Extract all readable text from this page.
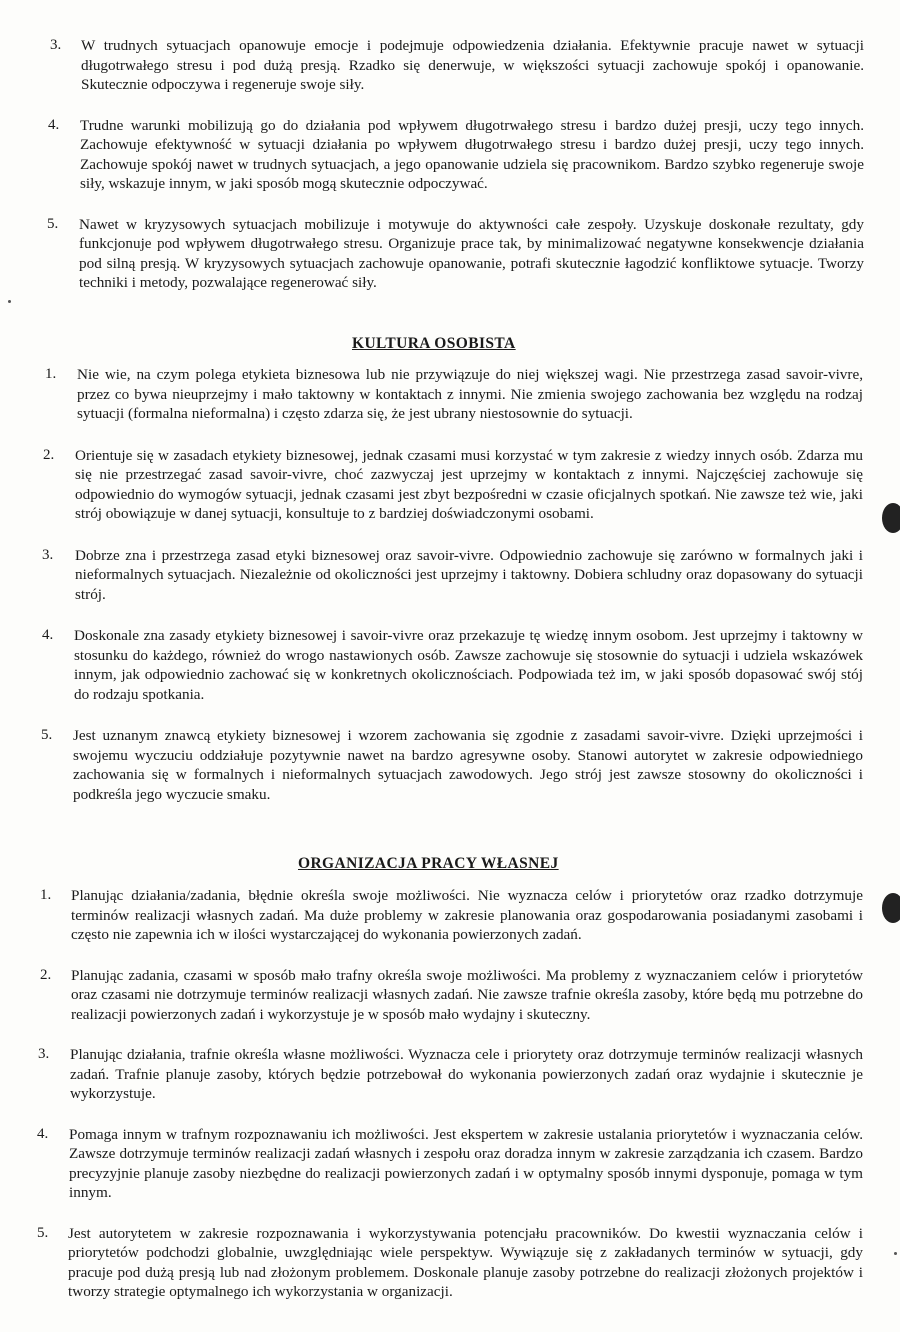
3. W trudnych sytuacjach opanowuje emocje i podejmuje odpowiedzenia działania. Efektywnie pracuje nawet w sytuacji długotrwałego stresu i pod dużą presją. Rzadko się denerwuje, w większości sytuacji zachowuje spokój i opanowanie. Skutecznie odpoczywa i regeneruje swoje siły.

4. Trudne warunki mobilizują go do działania pod wpływem długotrwałego stresu i bardzo dużej presji, uczy tego innych. Zachowuje efektywność w sytuacji działania po wpływem długotrwałego stresu i bardzo dużej presji, uczy tego innych. Zachowuje spokój nawet w trudnych sytuacjach, a jego opanowanie udziela się pracownikom. Bardzo szybko regeneruje swoje siły, wskazuje innym, w jaki sposób mogą skutecznie odpoczywać.

5. Nawet w kryzysowych sytuacjach mobilizuje i motywuje do aktywności całe zespoły. Uzyskuje doskonałe rezultaty, gdy funkcjonuje pod wpływem długotrwałego stresu. Organizuje prace tak, by minimalizować negatywne konsekwencje działania pod silną presją. W kryzysowych sytuacjach zachowuje opanowanie, potrafi skutecznie łagodzić konfliktowe sytuacje. Tworzy techniki i metody, pozwalające regenerować siły.

KULTURA OSOBISTA
1. Nie wie, na czym polega etykieta biznesowa lub nie przywiązuje do niej większej wagi. Nie przestrzega zasad savoir-vivre, przez co bywa nieuprzejmy i mało taktowny w kontaktach z innymi. Nie zmienia swojego zachowania bez względu na rodzaj sytuacji (formalna nieformalna) i często zdarza się, że jest ubrany niestosownie do sytuacji.

2. Orientuje się w zasadach etykiety biznesowej, jednak czasami musi korzystać w tym zakresie z wiedzy innych osób. Zdarza mu się nie przestrzegać zasad savoir-vivre, choć zazwyczaj jest uprzejmy w kontaktach z innymi. Najczęściej zachowuje się odpowiednio do wymogów sytuacji, jednak czasami jest zbyt bezpośredni w czasie oficjalnych spotkań. Nie zawsze też wie, jaki strój obowiązuje w danej sytuacji, konsultuje to z bardziej doświadczonymi osobami.

3. Dobrze zna i przestrzega zasad etyki biznesowej oraz savoir-vivre. Odpowiednio zachowuje się zarówno w formalnych jaki i nieformalnych sytuacjach. Niezależnie od okoliczności jest uprzejmy i taktowny. Dobiera schludny oraz dopasowany do sytuacji strój.

4. Doskonale zna zasady etykiety biznesowej i savoir-vivre oraz przekazuje tę wiedzę innym osobom. Jest uprzejmy i taktowny w stosunku do każdego, również do wrogo nastawionych osób. Zawsze zachowuje się stosownie do sytuacji i udziela wskazówek innym, jak odpowiednio zachować się w konkretnych okolicznościach. Podpowiada też im, w jaki sposób dopasować swój stój do rodzaju spotkania.

5. Jest uznanym znawcą etykiety biznesowej i wzorem zachowania się zgodnie z zasadami savoir-vivre. Dzięki uprzejmości i swojemu wyczuciu oddziałuje pozytywnie nawet na bardzo agresywne osoby. Stanowi autorytet w zakresie odpowiedniego zachowania się w formalnych i nieformalnych sytuacjach zawodowych. Jego strój jest zawsze stosowny do okoliczności i podkreśla jego wyczucie smaku.

ORGANIZACJA PRACY WŁASNEJ
1. Planując działania/zadania, błędnie określa swoje możliwości. Nie wyznacza celów i priorytetów oraz rzadko dotrzymuje terminów realizacji własnych zadań. Ma duże problemy w zakresie planowania oraz gospodarowania posiadanymi zasobami i często nie zapewnia ich w ilości wystarczającej do wykonania powierzonych zadań.

2. Planując zadania, czasami w sposób mało trafny określa swoje możliwości. Ma problemy z wyznaczaniem celów i priorytetów oraz czasami nie dotrzymuje terminów realizacji własnych zadań. Nie zawsze trafnie określa zasoby, które będą mu potrzebne do realizacji powierzonych zadań i wykorzystuje je w sposób mało wydajny i skuteczny.

3. Planując działania, trafnie określa własne możliwości. Wyznacza cele i priorytety oraz dotrzymuje terminów realizacji własnych zadań. Trafnie planuje zasoby, których będzie potrzebował do wykonania powierzonych zadań oraz wydajnie i skutecznie je wykorzystuje.

4. Pomaga innym w trafnym rozpoznawaniu ich możliwości. Jest ekspertem w zakresie ustalania priorytetów i wyznaczania celów. Zawsze dotrzymuje terminów realizacji zadań własnych i zespołu oraz doradza innym w zakresie zarządzania ich czasem. Bardzo precyzyjnie planuje zasoby niezbędne do realizacji powierzonych zadań i w optymalny sposób innymi dysponuje, pomaga w tym innym.

5. Jest autorytetem w zakresie rozpoznawania i wykorzystywania potencjału pracowników. Do kwestii wyznaczania celów i priorytetów podchodzi globalnie, uwzględniając wiele perspektyw. Wywiązuje się z zakładanych terminów w sytuacji, gdy pracuje pod dużą presją lub nad złożonym problemem. Doskonale planuje zasoby potrzebne do realizacji złożonych projektów i tworzy strategie optymalnego ich wykorzystania w organizacji.
